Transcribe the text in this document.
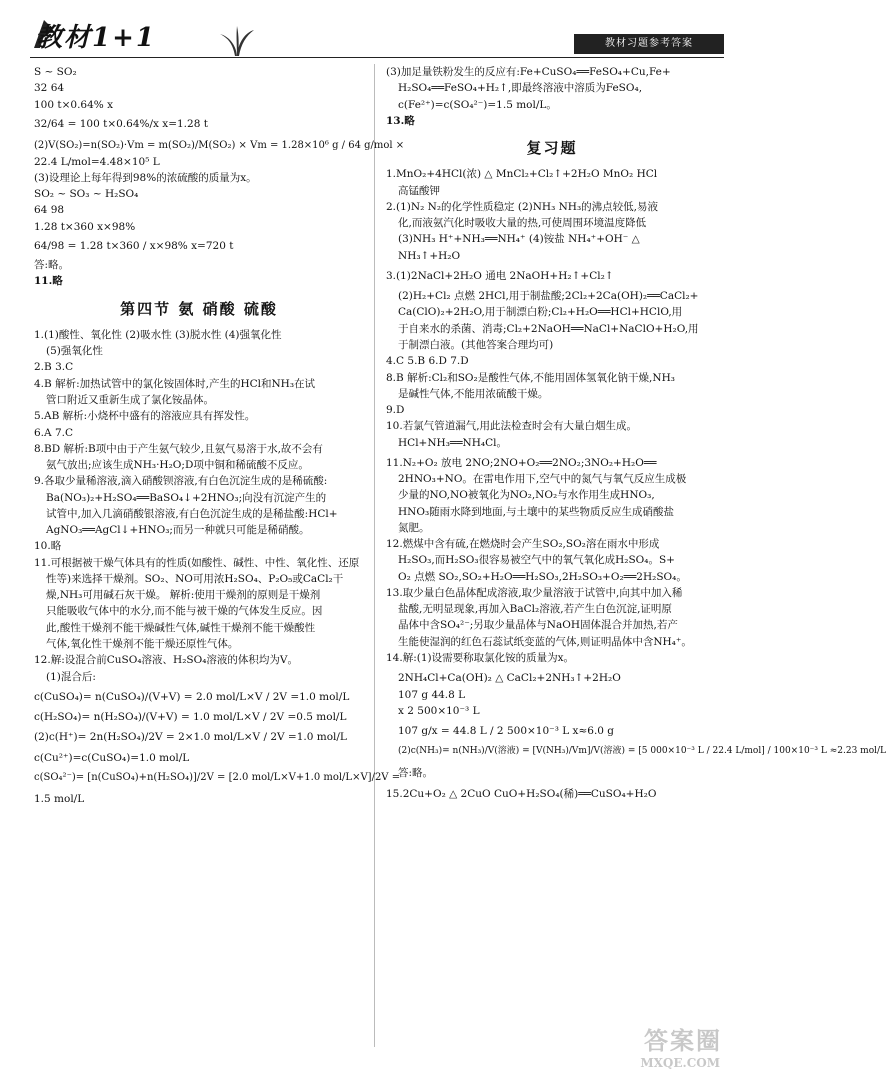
教材1+1	教材习题参考答案

S ~ SO₂

32 64

100 t×0.64% x

32/64 = 100 t×0.64%/x x=1.28 t

(2)V(SO₂)=n(SO₂)·Vm = m(SO₂)/M(SO₂) × Vm = 1.28×10⁶ g / 64 g/mol ×

22.4 L/mol=4.48×10⁵ L

(3)设理论上每年得到98%的浓硫酸的质量为x。

SO₂ ~ SO₃ ~ H₂SO₄

64 98

1.28 t×360 x×98%

64/98 = 1.28 t×360 / x×98% x=720 t

答:略。

11.略

第四节 氨 硝酸 硫酸

1.(1)酸性、氧化性 (2)吸水性 (3)脱水性 (4)强氧化性

(5)强氧化性

2.B 3.C

4.B 解析:加热试管中的氯化铵固体时,产生的HCl和NH₃在试

管口附近又重新生成了氯化铵晶体。

5.AB 解析:小烧杯中盛有的溶液应具有挥发性。

6.A 7.C

8.BD 解析:B项中由于产生氨气较少,且氨气易溶于水,故不会有

氨气放出;应该生成NH₃·H₂O;D项中铜和稀硫酸不反应。

9.各取少量稀溶液,滴入硝酸钡溶液,有白色沉淀生成的是稀硫酸:

Ba(NO₃)₂+H₂SO₄══BaSO₄↓+2HNO₃;向没有沉淀产生的

试管中,加入几滴硝酸银溶液,有白色沉淀生成的是稀盐酸:HCl+

AgNO₃══AgCl↓+HNO₃;而另一种就只可能是稀硝酸。

10.略

11.可根据被干燥气体具有的性质(如酸性、碱性、中性、氧化性、还原

性等)来选择干燥剂。SO₂、NO可用浓H₂SO₄、P₂O₅或CaCl₂干

燥,NH₃可用碱石灰干燥。 解析:使用干燥剂的原则是干燥剂

只能吸收气体中的水分,而不能与被干燥的气体发生反应。因

此,酸性干燥剂不能干燥碱性气体,碱性干燥剂不能干燥酸性

气体,氧化性干燥剂不能干燥还原性气体。

12.解:设混合前CuSO₄溶液、H₂SO₄溶液的体积均为V。

(1)混合后:

c(CuSO₄)= n(CuSO₄)/(V+V) = 2.0 mol/L×V / 2V =1.0 mol/L

c(H₂SO₄)= n(H₂SO₄)/(V+V) = 1.0 mol/L×V / 2V =0.5 mol/L

(2)c(H⁺)= 2n(H₂SO₄)/2V = 2×1.0 mol/L×V / 2V =1.0 mol/L

c(Cu²⁺)=c(CuSO₄)=1.0 mol/L

c(SO₄²⁻)= [n(CuSO₄)+n(H₂SO₄)]/2V = [2.0 mol/L×V+1.0 mol/L×V]/2V =

1.5 mol/L

(3)加足量铁粉发生的反应有:Fe+CuSO₄══FeSO₄+Cu,Fe+

H₂SO₄══FeSO₄+H₂↑,即最终溶液中溶质为FeSO₄,

c(Fe²⁺)=c(SO₄²⁻)=1.5 mol/L。

13.略

复习题

1.MnO₂+4HCl(浓) △ MnCl₂+Cl₂↑+2H₂O MnO₂ HCl

高锰酸钾

2.(1)N₂ N₂的化学性质稳定 (2)NH₃ NH₃的沸点较低,易液

化,而液氨汽化时吸收大量的热,可使周围环境温度降低

(3)NH₃ H⁺+NH₃══NH₄⁺ (4)铵盐 NH₄⁺+OH⁻ △

NH₃↑+H₂O

3.(1)2NaCl+2H₂O 通电 2NaOH+H₂↑+Cl₂↑

(2)H₂+Cl₂ 点燃 2HCl,用于制盐酸;2Cl₂+2Ca(OH)₂══CaCl₂+

Ca(ClO)₂+2H₂O,用于制漂白粉;Cl₂+H₂O══HCl+HClO,用

于自来水的杀菌、消毒;Cl₂+2NaOH══NaCl+NaClO+H₂O,用

于制漂白液。(其他答案合理均可)

4.C 5.B 6.D 7.D

8.B 解析:Cl₂和SO₂是酸性气体,不能用固体氢氧化钠干燥,NH₃

是碱性气体,不能用浓硫酸干燥。

9.D

10.若氯气管道漏气,用此法检查时会有大量白烟生成。

HCl+NH₃══NH₄Cl。

11.N₂+O₂ 放电 2NO;2NO+O₂══2NO₂;3NO₂+H₂O══

2HNO₃+NO。在雷电作用下,空气中的氮气与氧气反应生成极

少量的NO,NO被氧化为NO₂,NO₂与水作用生成HNO₃,

HNO₃随雨水降到地面,与土壤中的某些物质反应生成硝酸盐

氮肥。

12.燃煤中含有硫,在燃烧时会产生SO₂,SO₂溶在雨水中形成

H₂SO₃,而H₂SO₃很容易被空气中的氧气氧化成H₂SO₄。S+

O₂ 点燃 SO₂,SO₂+H₂O══H₂SO₃,2H₂SO₃+O₂══2H₂SO₄。

13.取少量白色晶体配成溶液,取少量溶液于试管中,向其中加入稀

盐酸,无明显现象,再加入BaCl₂溶液,若产生白色沉淀,证明原

晶体中含SO₄²⁻;另取少量晶体与NaOH固体混合并加热,若产

生能使湿润的红色石蕊试纸变蓝的气体,则证明晶体中含NH₄⁺。

14.解:(1)设需要称取氯化铵的质量为x。

2NH₄Cl+Ca(OH)₂ △ CaCl₂+2NH₃↑+2H₂O

107 g 44.8 L

x 2 500×10⁻³ L

107 g/x = 44.8 L / 2 500×10⁻³ L x≈6.0 g

(2)c(NH₃)= n(NH₃)/V(溶液) = [V(NH₃)/Vm]/V(溶液) = [5 000×10⁻³ L / 22.4 L/mol] / 100×10⁻³ L ≈2.23 mol/L

答:略。

15.2Cu+O₂ △ 2CuO CuO+H₂SO₄(稀)══CuSO₄+H₂O

答案圈
MXQE.COM
